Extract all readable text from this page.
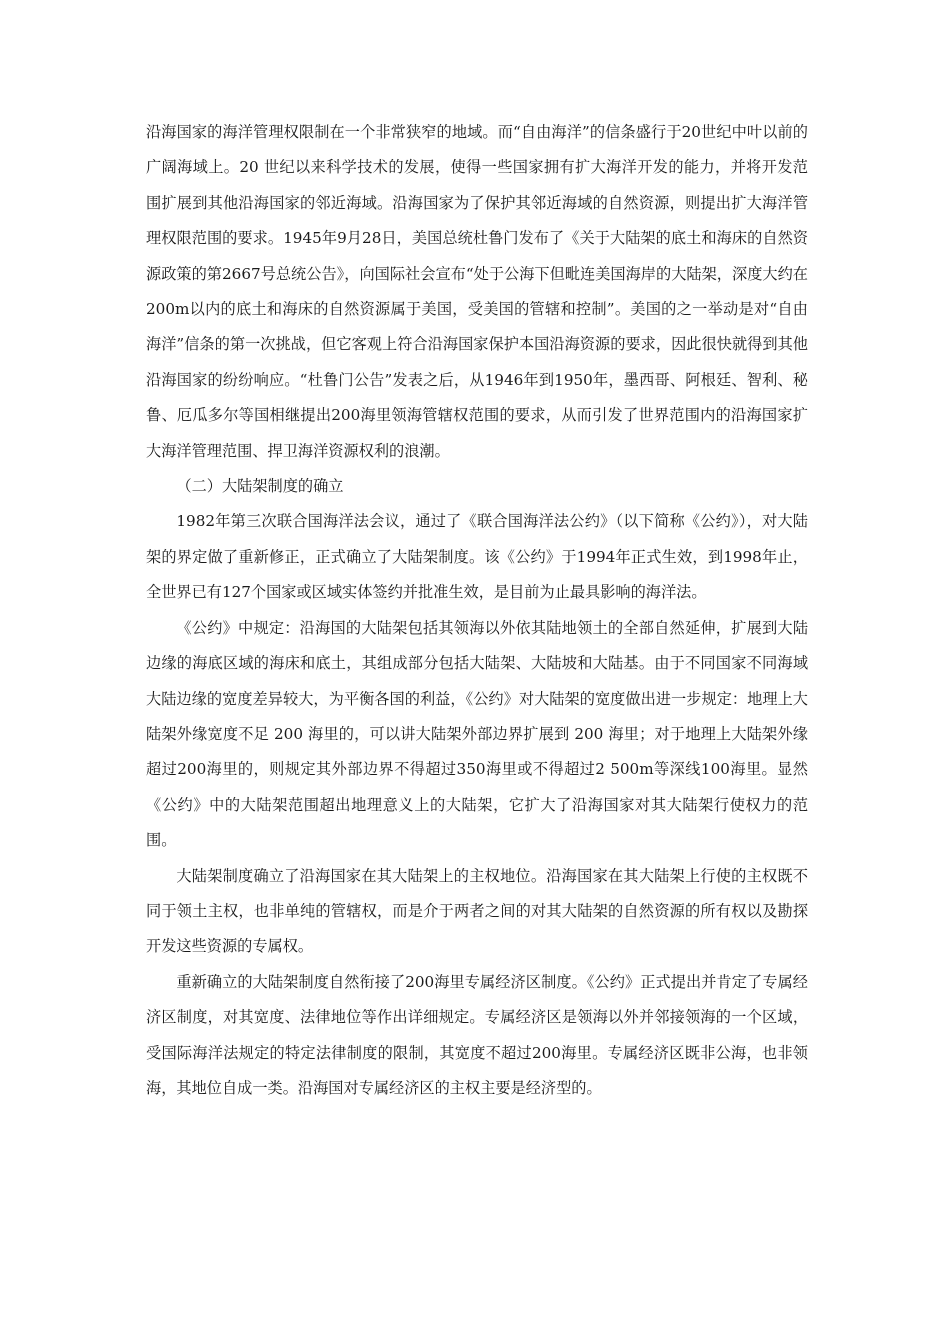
沿海国家的海洋管理权限制在一个非常狭窄的地域。而“自由海洋”的信条盛行于20世纪中叶以前的广阔海域上。20 世纪以来科学技术的发展，使得一些国家拥有扩大海洋开发的能力，并将开发范围扩展到其他沿海国家的邻近海域。沿海国家为了保护其邻近海域的自然资源，则提出扩大海洋管理权限范围的要求。1945年9月28日，美国总统杜鲁门发布了《关于大陆架的底土和海床的自然资源政策的第2667号总统公告》，向国际社会宣布“处于公海下但毗连美国海岸的大陆架，深度大约在200m以内的底土和海床的自然资源属于美国，受美国的管辖和控制”。美国的之一举动是对“自由海洋”信条的第一次挑战，但它客观上符合沿海国家保护本国沿海资源的要求，因此很快就得到其他沿海国家的纷纷响应。“杜鲁门公告”发表之后，从1946年到1950年，墨西哥、阿根廷、智利、秘鲁、厄瓜多尔等国相继提出200海里领海管辖权范围的要求，从而引发了世界范围内的沿海国家扩大海洋管理范围、捍卫海洋资源权利的浪潮。

（二）大陆架制度的确立

1982年第三次联合国海洋法会议，通过了《联合国海洋法公约》（以下简称《公约》），对大陆架的界定做了重新修正，正式确立了大陆架制度。该《公约》于1994年正式生效，到1998年止，全世界已有127个国家或区域实体签约并批准生效，是目前为止最具影响的海洋法。

《公约》中规定：沿海国的大陆架包括其领海以外依其陆地领土的全部自然延伸，扩展到大陆边缘的海底区域的海床和底土，其组成部分包括大陆架、大陆坡和大陆基。由于不同国家不同海域大陆边缘的宽度差异较大，为平衡各国的利益，《公约》对大陆架的宽度做出进一步规定：地理上大陆架外缘宽度不足 200 海里的，可以讲大陆架外部边界扩展到 200 海里；对于地理上大陆架外缘超过200海里的，则规定其外部边界不得超过350海里或不得超过2 500m等深线100海里。显然《公约》中的大陆架范围超出地理意义上的大陆架，它扩大了沿海国家对其大陆架行使权力的范围。

大陆架制度确立了沿海国家在其大陆架上的主权地位。沿海国家在其大陆架上行使的主权既不同于领土主权，也非单纯的管辖权，而是介于两者之间的对其大陆架的自然资源的所有权以及勘探开发这些资源的专属权。

重新确立的大陆架制度自然衔接了200海里专属经济区制度。《公约》正式提出并肯定了专属经济区制度，对其宽度、法律地位等作出详细规定。专属经济区是领海以外并邻接领海的一个区域，受国际海洋法规定的特定法律制度的限制，其宽度不超过200海里。专属经济区既非公海，也非领海，其地位自成一类。沿海国对专属经济区的主权主要是经济型的。
